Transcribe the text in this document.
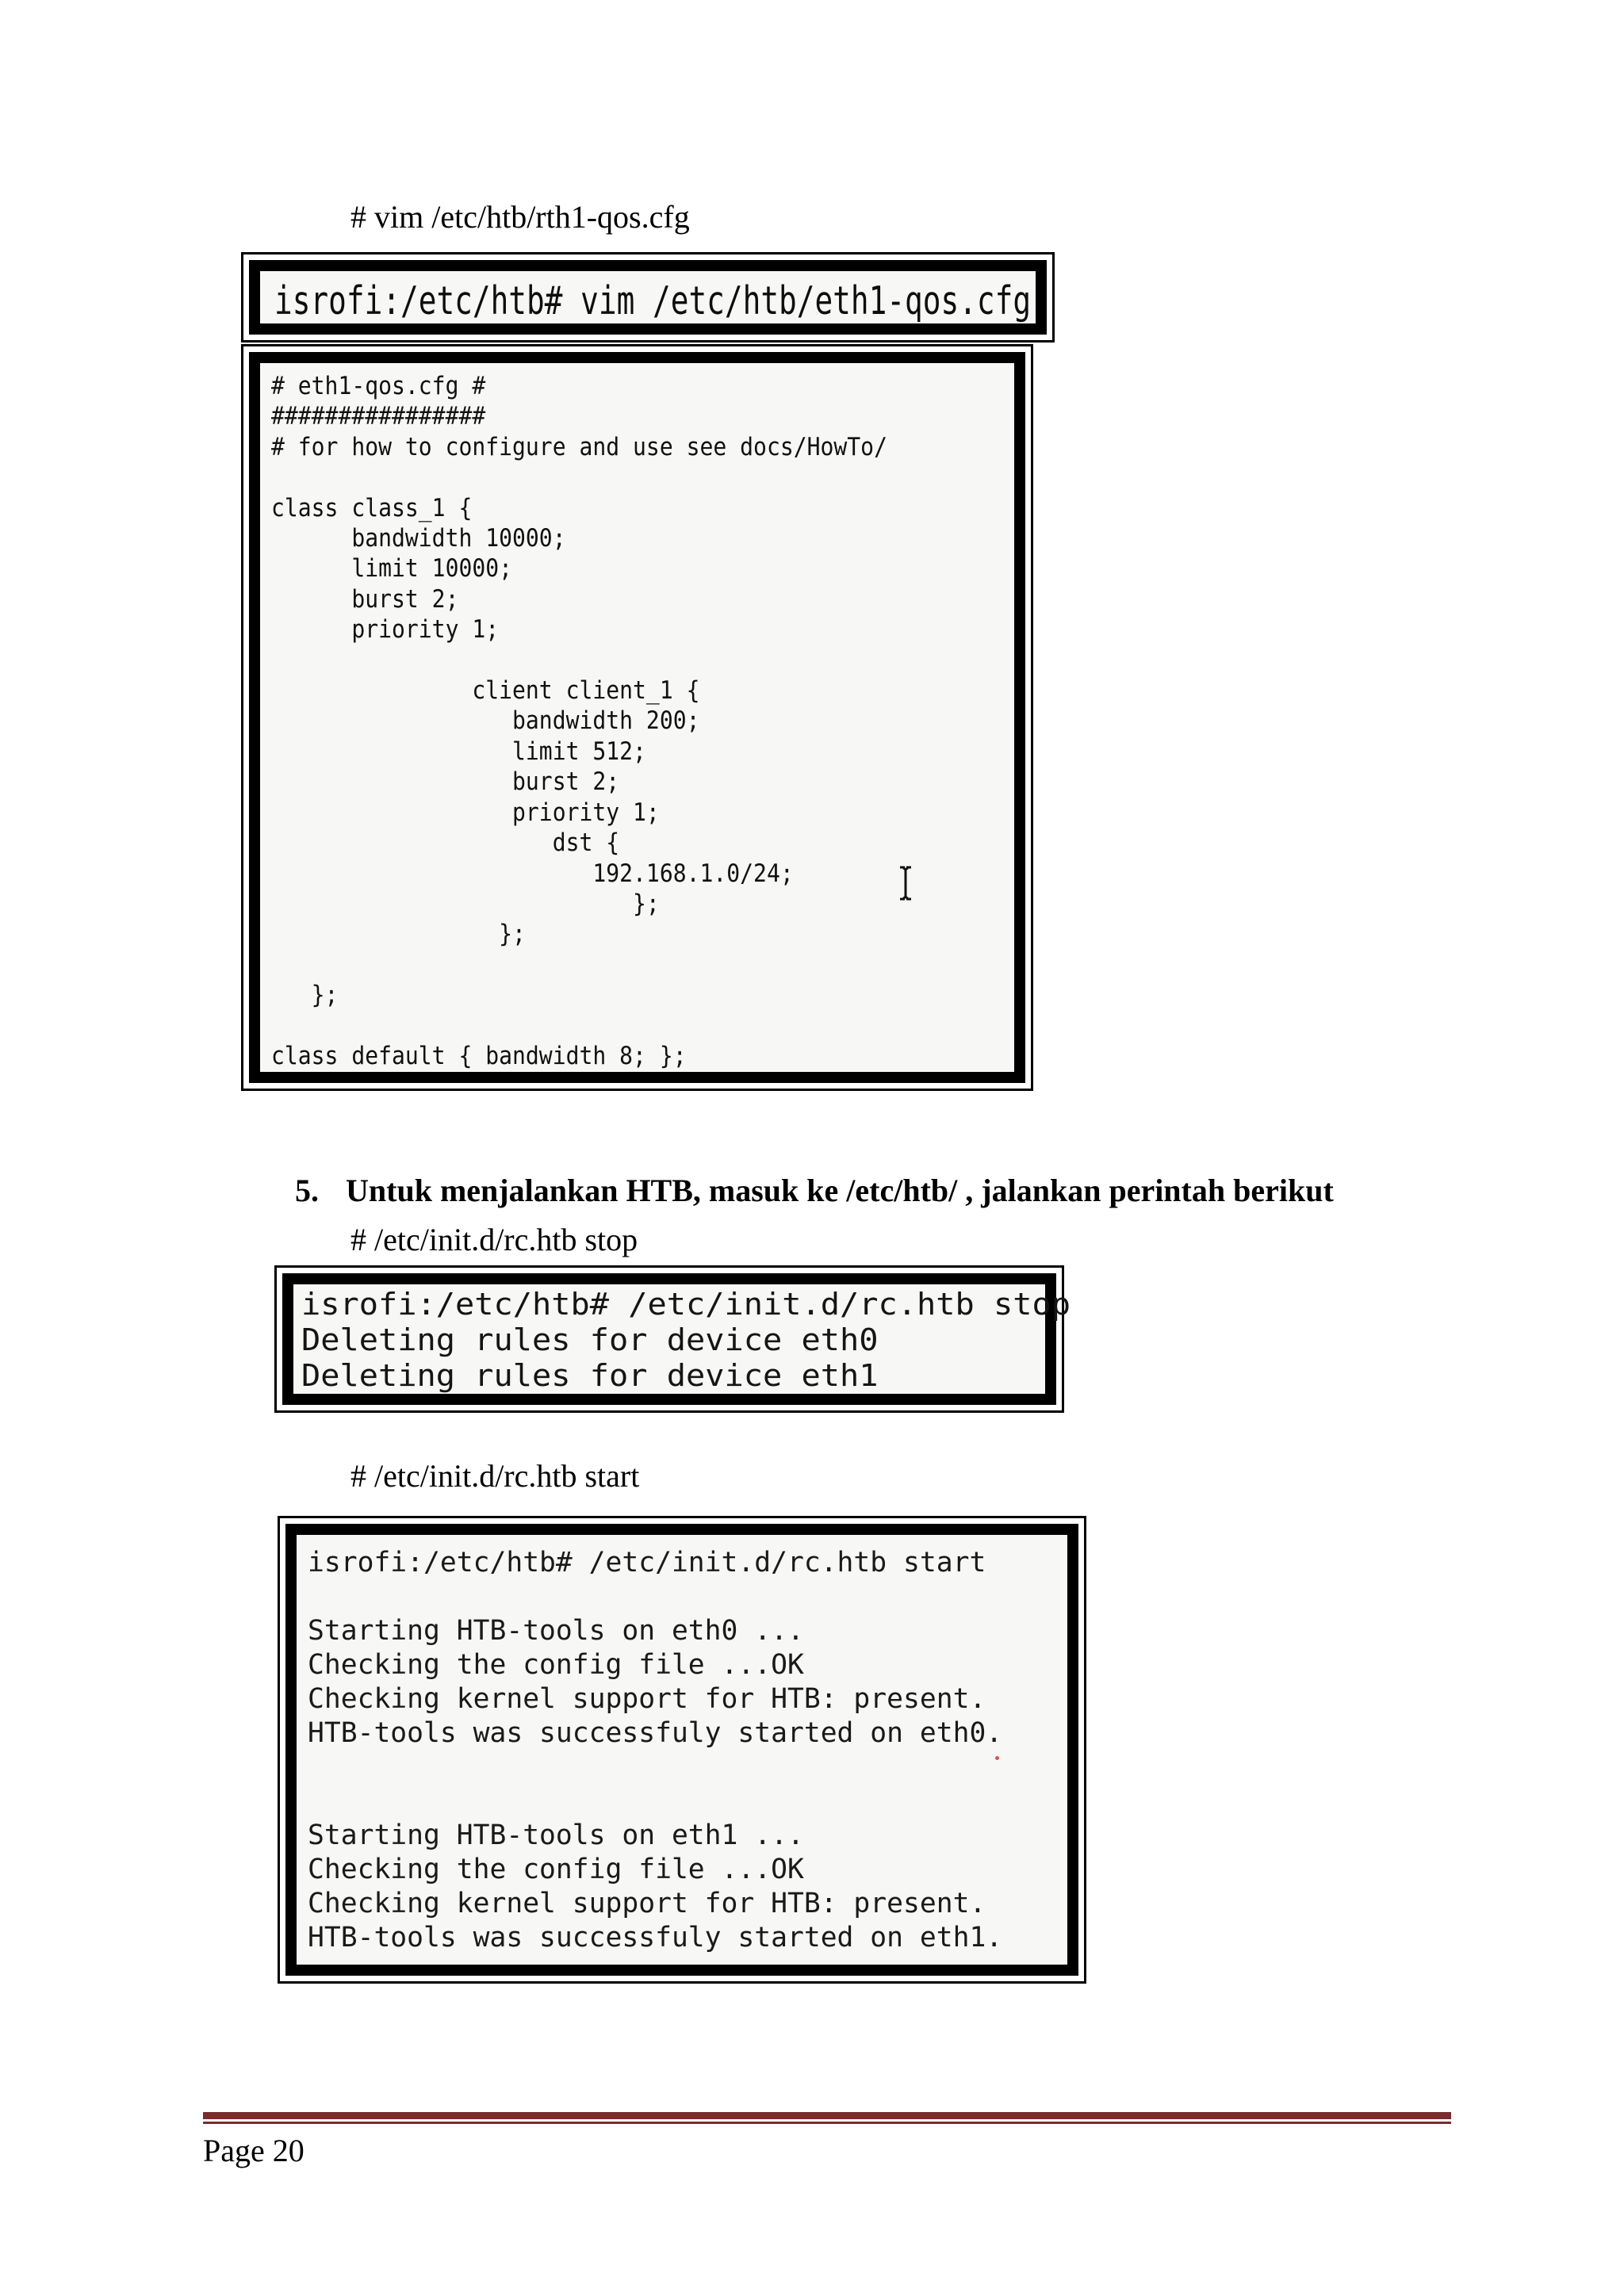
# vim /etc/htb/rth1-qos.cfg
isrofi:/etc/htb# vim /etc/htb/eth1-qos.cfg
# eth1-qos.cfg #
################
# for how to configure and use see docs/HowTo/

class class_1 {
bandwidth 10000;
limit 10000;
burst 2;
priority 1;

client client_1 {
bandwidth 200;
limit 512;
burst 2;
priority 1;
dst {
192.168.1.0/24;
};
};

};

class default { bandwidth 8; };

5. Untuk menjalankan HTB, masuk ke /etc/htb/ , jalankan perintah berikut

# /etc/init.d/rc.htb stop
isrofi:/etc/htb# /etc/init.d/rc.htb stop
Deleting rules for device eth0
Deleting rules for device eth1
# /etc/init.d/rc.htb start
isrofi:/etc/htb# /etc/init.d/rc.htb start

Starting HTB-tools on eth0 ...
Checking the config file ...OK
Checking kernel support for HTB: present.
HTB-tools was successfuly started on eth0.

Starting HTB-tools on eth1 ...
Checking the config file ...OK
Checking kernel support for HTB: present.
HTB-tools was successfuly started on eth1.
Page 20
